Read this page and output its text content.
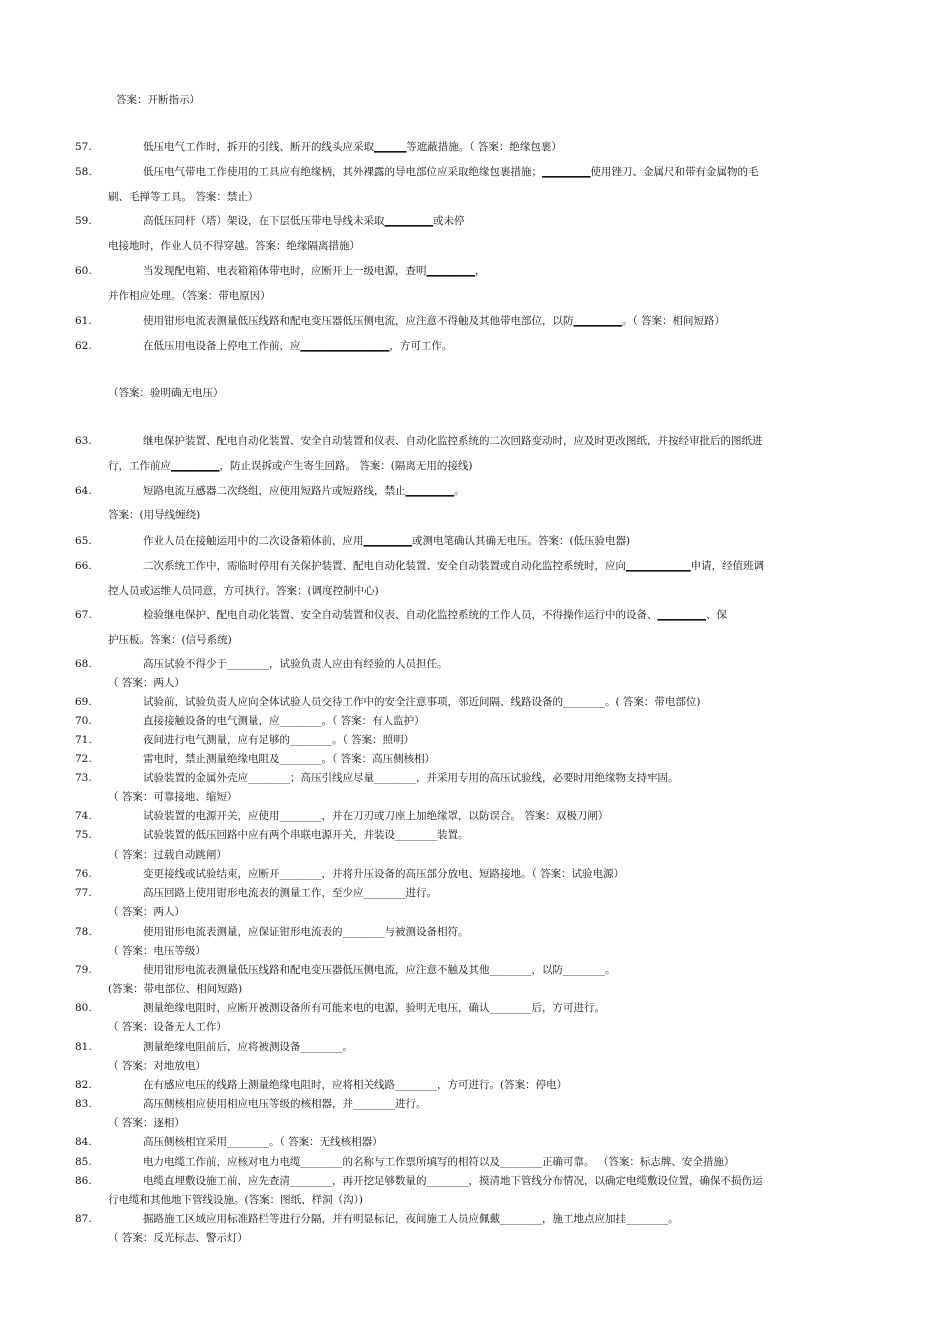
答案：开断指示）
57.	低压电气工作时，拆开的引线、断开的线头应采取▁▁▁▁等遮蔽措施。（ 答案：绝缘包裹）
58.	低压电气带电工作使用的工具应有绝缘柄，其外裸露的导电部位应采取绝缘包裹措施；▁▁▁▁▁▁使用锉刀、金属尺和带有金属物的毛
刷、毛掸等工具。 答案：禁止）
59.	高低压同杆（塔）架设，在下层低压带电导线未采取▁▁▁▁▁▁或未停
电接地时，作业人员不得穿越。答案：绝缘隔离措施）
60.	当发现配电箱、电表箱箱体带电时，应断开上一级电源，查明▁▁▁▁▁▁，
并作相应处理。（答案：带电原因）
61.	使用钳形电流表测量低压线路和配电变压器低压侧电流，应注意不得触及其他带电部位，以防▁▁▁▁▁▁。（ 答案：相间短路）
62.	在低压用电设备上停电工作前，应▁▁▁▁▁▁▁▁▁▁▁，方可工作。
（答案：验明确无电压）
63.	继电保护装置、配电自动化装置、安全自动装置和仪表、自动化监控系统的二次回路变动时，应及时更改图纸，并按经审批后的图纸进
行，工作前应▁▁▁▁▁▁，防止误拆或产生寄生回路。 答案：(隔离无用的接线)
64.	短路电流互感器二次绕组，应使用短路片或短路线，禁止▁▁▁▁▁▁。
答案：(用导线缠绕)
65.	作业人员在接触运用中的二次设备箱体前，应用▁▁▁▁▁▁或测电笔确认其确无电压。答案：(低压验电器)
66.	二次系统工作中，需临时停用有关保护装置、配电自动化装置、安全自动装置或自动化监控系统时，应向▁▁▁▁▁▁▁▁申请，经值班调
控人员或运维人员同意，方可执行。答案：(调度控制中心)
67.	检验继电保护、配电自动化装置、安全自动装置和仪表、自动化监控系统的工作人员，不得操作运行中的设备、▁▁▁▁▁▁、保
护压板。答案：(信号系统)
68.	高压试验不得少于________，试验负责人应由有经验的人员担任。
（ 答案：两人）
69.	试验前，试验负责人应向全体试验人员交待工作中的安全注意事项，邻近间隔、线路设备的________。( 答案：带电部位)
70.	直接接触设备的电气测量，应________。（ 答案：有人监护）
71.	夜间进行电气测量，应有足够的________。（ 答案：照明）
72.	雷电时，禁止测量绝缘电阻及________。（ 答案：高压侧核相）
73.	试验装置的金属外壳应________；高压引线应尽量________，并采用专用的高压试验线，必要时用绝缘物支持牢固。
（ 答案：可靠接地、缩短）
74.	试验装置的电源开关，应使用________，并在刀刃或刀座上加绝缘罩，以防误合。 答案：双极刀闸）
75.	试验装置的低压回路中应有两个串联电源开关，并装设________装置。
（ 答案：过载自动跳闸）
76.	变更接线或试验结束，应断开________，并将升压设备的高压部分放电、短路接地。（ 答案：试验电源）
77.	高压回路上使用钳形电流表的测量工作，至少应________进行。
（ 答案：两人）
78.	使用钳形电流表测量，应保证钳形电流表的________与被测设备相符。
（ 答案：电压等级）
79.	使用钳形电流表测量低压线路和配电变压器低压侧电流，应注意不触及其他________，以防________。
(答案：带电部位、相间短路)
80.	测量绝缘电阻时，应断开被测设备所有可能来电的电源，验明无电压，确认________后，方可进行。
（ 答案：设备无人工作）
81.	测量绝缘电阻前后，应将被测设备________。
（ 答案：对地放电）
82.	在有感应电压的线路上测量绝缘电阻时，应将相关线路________，方可进行。(答案：停电）
83.	高压侧核相应使用相应电压等级的核相器，并________进行。
（ 答案：逐相）
84.	高压侧核相宜采用________。（ 答案：无线核相器）
85.	电力电缆工作前，应核对电力电缆________的名称与工作票所填写的相符以及________正确可靠。 （答案：标志牌、安全措施）
86.	电缆直埋敷设施工前，应先查清________，再开挖足够数量的________，摸清地下管线分布情况，以确定电缆敷设位置，确保不损伤运
行电缆和其他地下管线设施。(答案：图纸、样洞（沟）)
87.	掘路施工区域应用标准路栏等进行分隔，并有明显标记，夜间施工人员应佩戴________，施工地点应加挂________。
（ 答案：反光标志、警示灯）
